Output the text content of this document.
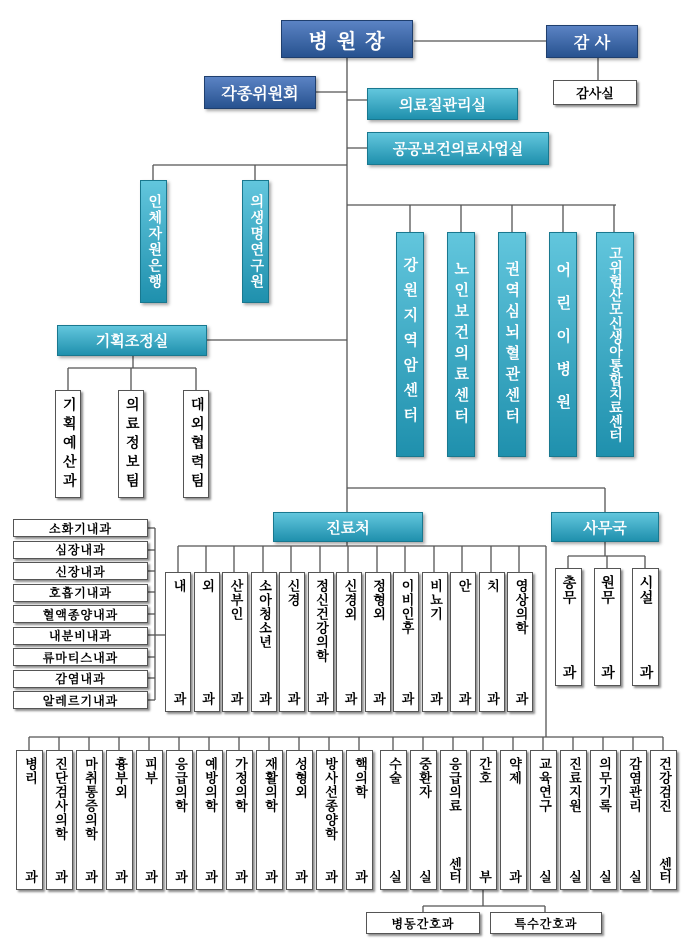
병 원 장	감 사
감사실
각종위원회
의료질관리실
공공보건의료사업실
인체자원은행	의생명연구원
강원지역암센터	노인보건의료센터	권역심뇌혈관센터	어린이병원	고위험산모신생아통합치료센터
기획조정실
기획예산과	의료정보팀	대외협력팀
진료처	사무국
소화기내과
심장내과
신장내과
호흡기내과
혈액종양내과
내분비내과
류마티스내과
감염내과
알레르기내과
내
과
외
과
산부인
과
소아청소년
과
신경
과
정신건강의학
과
신경외
과
정형외
과
이비인후
과
비뇨기
과
안
과
치
과
영상의학
과
총무
과
원무
과
시설
과
병리
과
진단검사의학
과
마취통증의학
과
흉부외
과
피부
과
응급의학
과
예방의학
과
가정의학
과
재활의학
과
성형외
과
방사선종양학
과
핵의학
과
수술
실
중환자
실
응급의료
센터
간호
부
약제
과
교육연구
실
진료지원
실
의무기록
실
감염관리
실
건강검진
센터
병동간호과	특수간호과
